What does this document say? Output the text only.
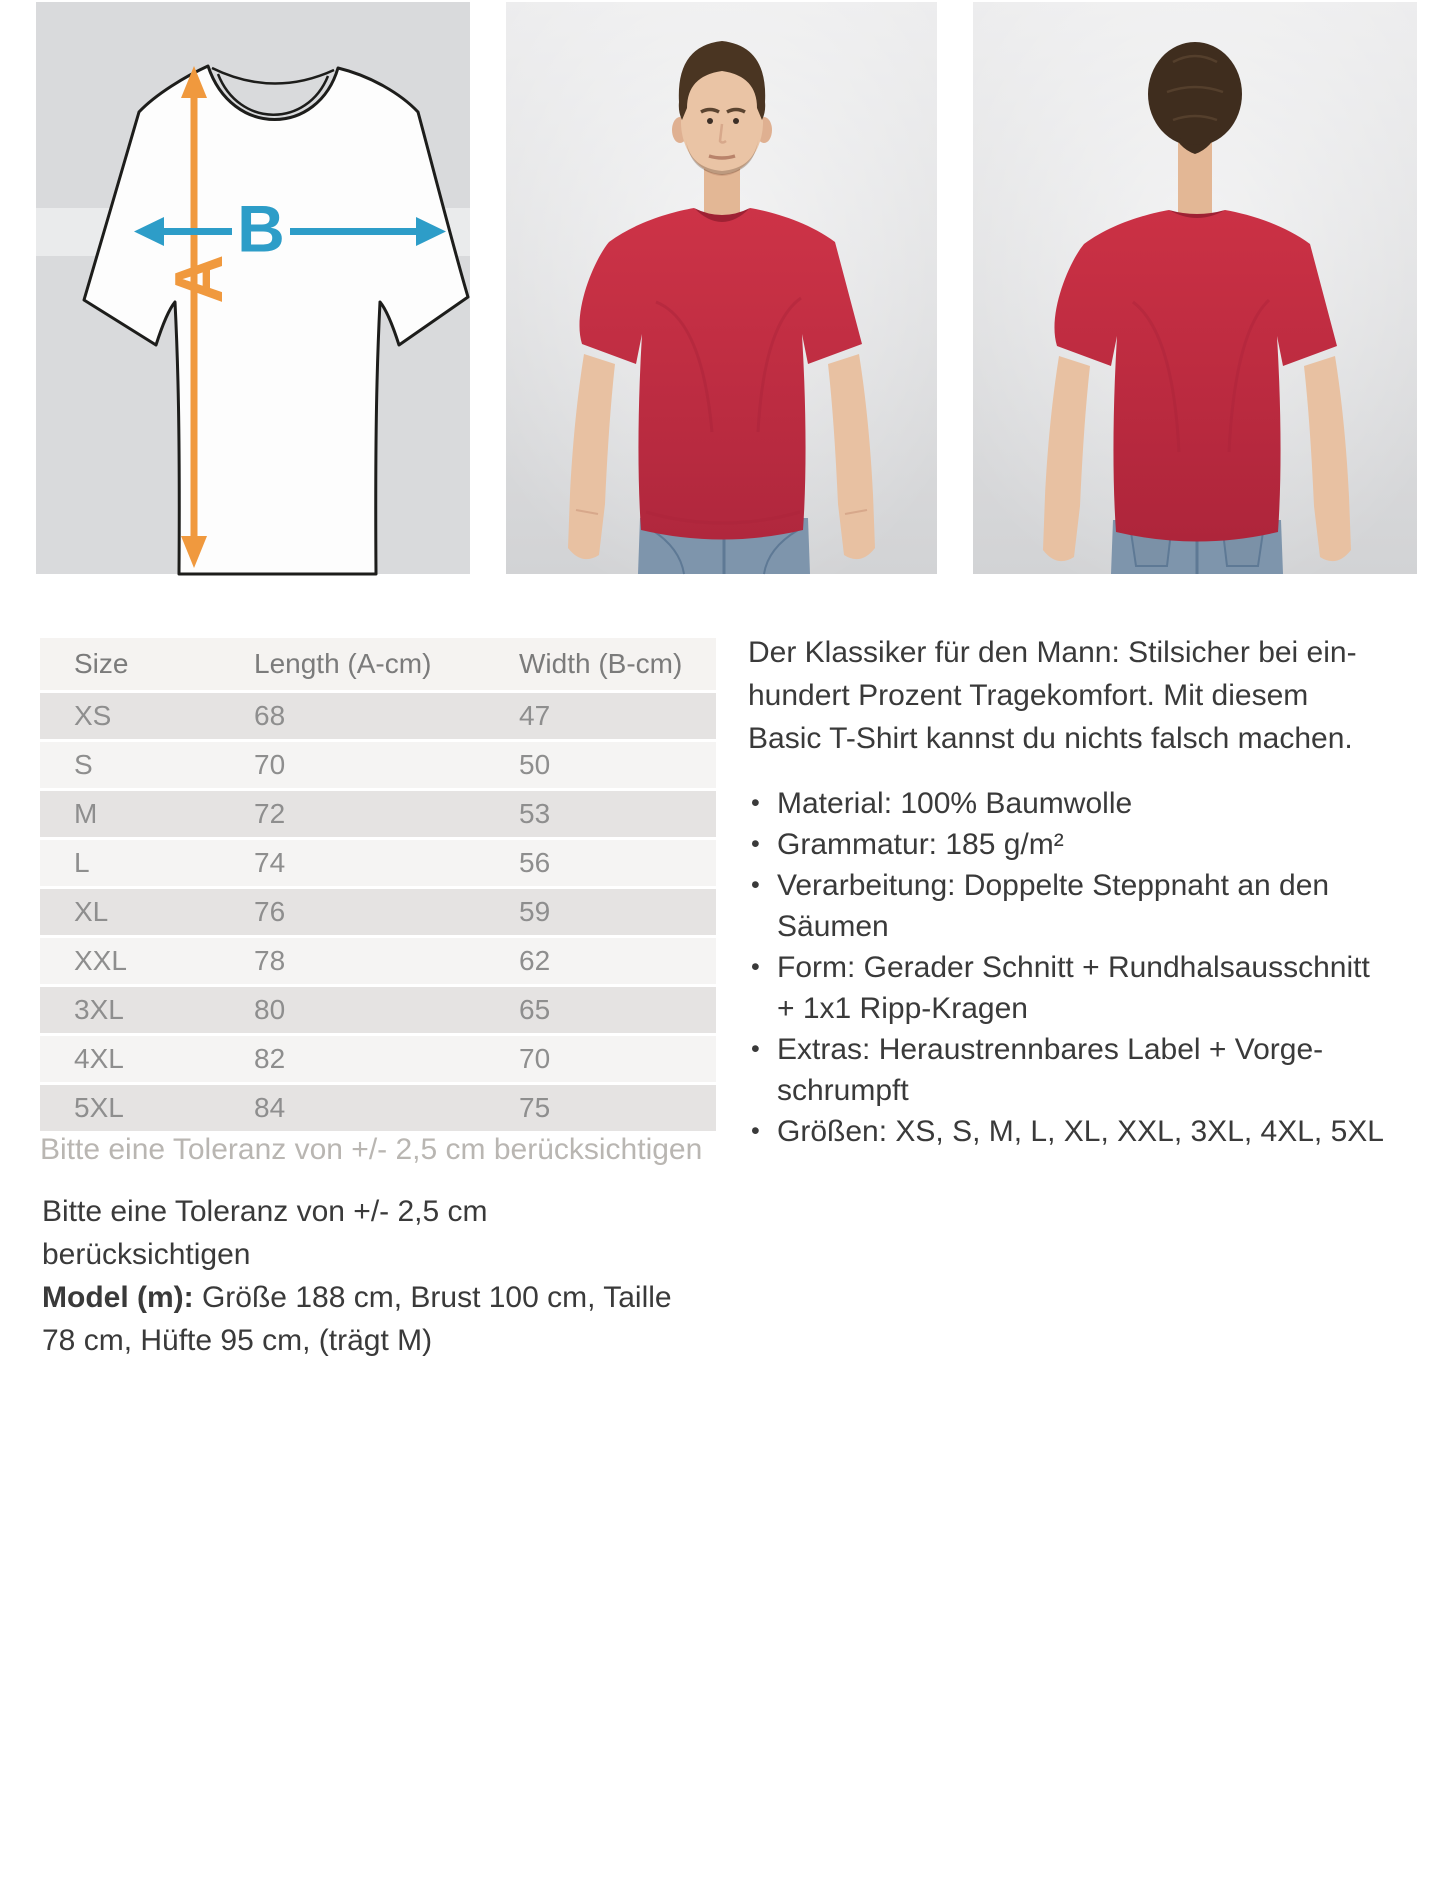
A
B
Size	Length (A-cm)	Width (B-cm)
XS	68	47
S	70	50
M	72	53
L	74	56
XL	76	59
XXL	78	62
3XL	80	65
4XL	82	70
5XL	84	75
Bitte eine Toleranz von +/- 2,5 cm berücksichtigen
Der Klassiker für den Mann: Stilsicher bei ein-
hundert Prozent Tragekomfort. Mit diesem
Basic T-Shirt kannst du nichts falsch machen.
• Material: 100% Baumwolle
• Grammatur: 185 g/m²
• Verarbeitung: Doppelte Steppnaht an den
Säumen
• Form: Gerader Schnitt + Rundhalsausschnitt
+ 1x1 Ripp-Kragen
• Extras: Heraustrennbares Label + Vorge-
schrumpft
• Größen: XS, S, M, L, XL, XXL, 3XL, 4XL, 5XL
Bitte eine Toleranz von +/- 2,5 cm berücksichtigen
Model (m): Größe 188 cm, Brust 100 cm, Taille
78 cm, Hüfte 95 cm, (trägt M)
